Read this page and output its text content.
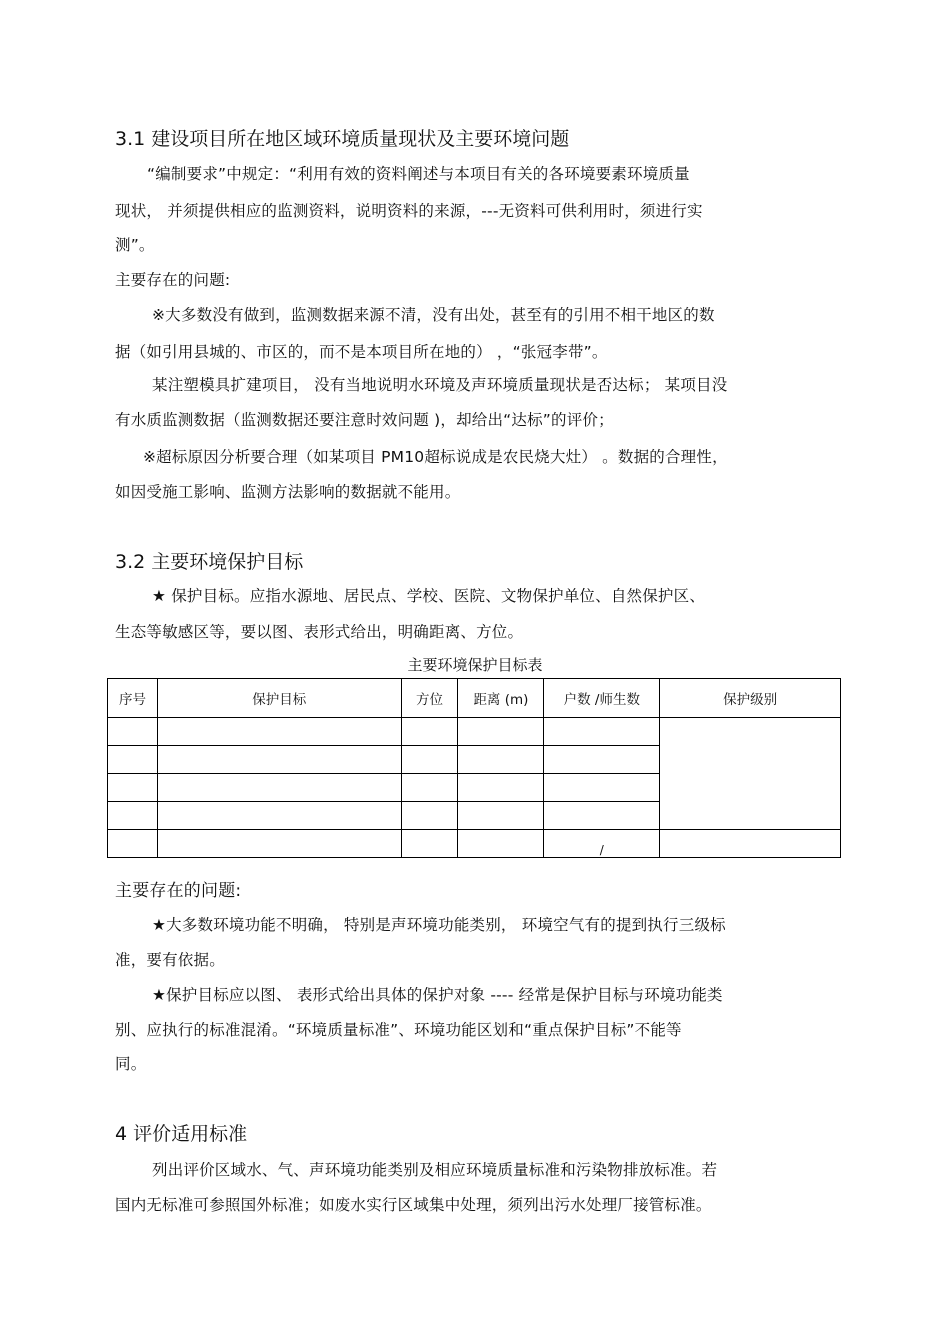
3.1 建设项目所在地区域环境质量现状及主要环境问题
“编制要求”中规定：“利用有效的资料阐述与本项目有关的各环境要素环境质量
现状， 并须提供相应的监测资料，说明资料的来源，---无资料可供利用时，须进行实
测”。
主要存在的问题:
※大多数没有做到，监测数据来源不清，没有出处，甚至有的引用不相干地区的数
据（如引用县城的、市区的，而不是本项目所在地的） ，“张冠李带”。
某注塑模具扩建项目， 没有当地说明水环境及声环境质量现状是否达标； 某项目没
有水质监测数据（监测数据还要注意时效问题 )，却给出“达标”的评价；
※超标原因分析要合理（如某项目 PM10超标说成是农民烧大灶） 。数据的合理性，
如因受施工影响、监测方法影响的数据就不能用。
3.2 主要环境保护目标
★ 保护目标。应指水源地、居民点、学校、医院、文物保护单位、自然保护区、
生态等敏感区等，要以图、表形式给出，明确距离、方位。
主要环境保护目标表
序号	保护目标	方位	距离 (m)	户数 /师生数	保护级别

				/	
主要存在的问题:
★大多数环境功能不明确， 特别是声环境功能类别， 环境空气有的提到执行三级标
准，要有依据。
★保护目标应以图、 表形式给出具体的保护对象 ---- 经常是保护目标与环境功能类
别、应执行的标准混淆。“环境质量标准”、环境功能区划和“重点保护目标”不能等
同。
4 评价适用标准
列出评价区域水、气、声环境功能类别及相应环境质量标准和污染物排放标准。若
国内无标准可参照国外标准；如废水实行区域集中处理，须列出污水处理厂接管标准。
